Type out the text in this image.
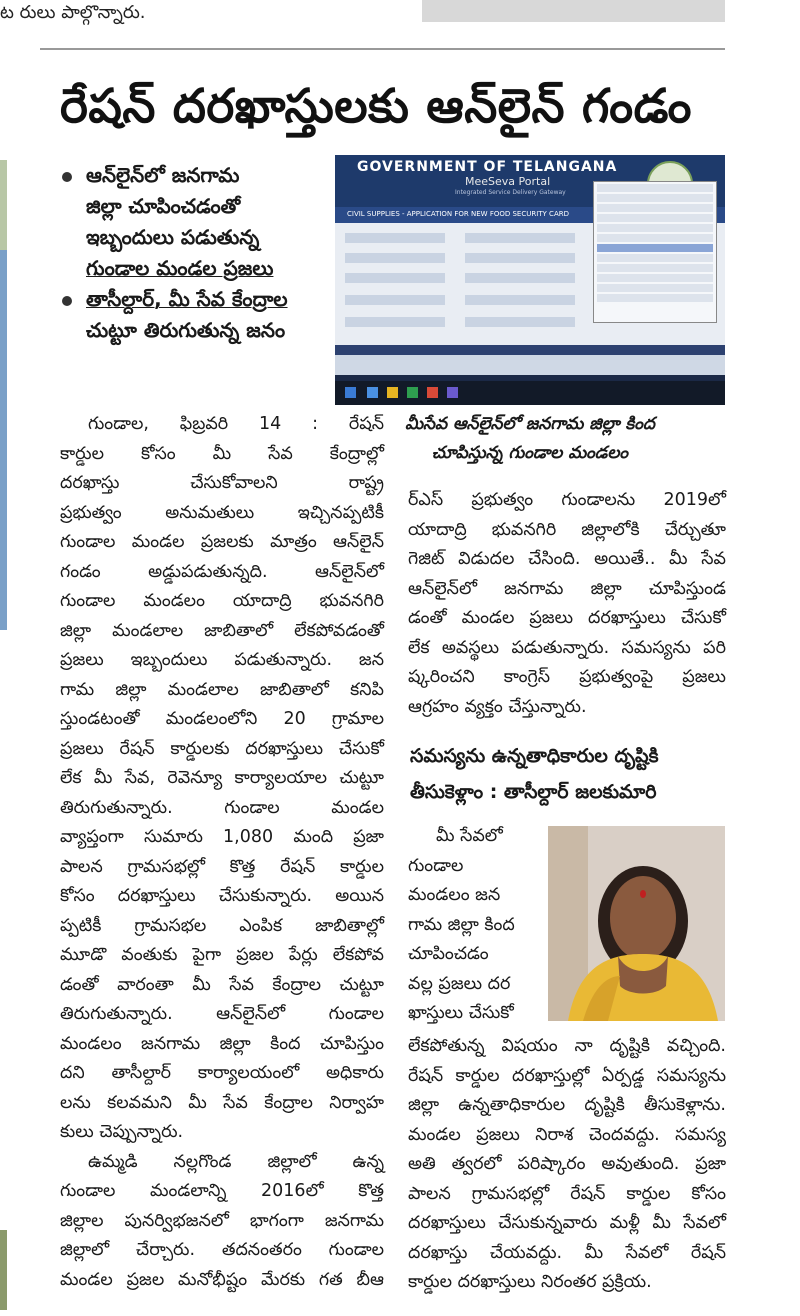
ట రులు పాల్గొన్నారు.
రేషన్ దరఖాస్తులకు ఆన్‌లైన్ గండం
ఆన్‌లైన్‌లో జనగామ
జిల్లా చూపించడంతో
ఇబ్బందులు పడుతున్న
గుండాల మండల ప్రజలు
తాసీల్దార్, మీ సేవ కేంద్రాల
చుట్టూ తిరుగుతున్న జనం
GOVERNMENT OF TELANGANA
MeeSeva Portal
Integrated Service Delivery Gateway
CIVIL SUPPLIES - APPLICATION FOR NEW FOOD SECURITY CARD
మీసేవ ఆన్‌లైన్‌లో జనగామ జిల్లా కింద
చూపిస్తున్న గుండాల మండలం
గుండాల, ఫిబ్రవరి 14 : రేషన్
కార్డుల కోసం మీ సేవ కేంద్రాల్లో
దరఖాస్తు చేసుకోవాలని రాష్ట్ర
ప్రభుత్వం అనుమతులు ఇచ్చినప్పటికీ
గుండాల మండల ప్రజలకు మాత్రం ఆన్‌లైన్
గండం అడ్డుపడుతున్నది. ఆన్‌లైన్‌లో
గుండాల మండలం యాదాద్రి భువనగిరి
జిల్లా మండలాల జాబితాలో లేకపోవడంతో
ప్రజలు ఇబ్బందులు పడుతున్నారు. జన
గామ జిల్లా మండలాల జాబితాలో కనిపి
స్తుండటంతో మండలంలోని 20 గ్రామాల
ప్రజలు రేషన్ కార్డులకు దరఖాస్తులు చేసుకో
లేక మీ సేవ, రెవెన్యూ కార్యాలయాల చుట్టూ
తిరుగుతున్నారు. గుండాల మండల
వ్యాప్తంగా సుమారు 1,080 మంది ప్రజా
పాలన గ్రామసభల్లో కొత్త రేషన్ కార్డుల
కోసం దరఖాస్తులు చేసుకున్నారు. అయిన
ప్పటికీ గ్రామసభల ఎంపిక జాబితాల్లో
మూడొ వంతుకు పైగా ప్రజల పేర్లు లేకపోవ
డంతో వారంతా మీ సేవ కేంద్రాల చుట్టూ
తిరుగుతున్నారు. ఆన్‌లైన్‌లో గుండాల
మండలం జనగామ జిల్లా కింద చూపిస్తుం
దని తాసీల్దార్ కార్యాలయంలో అధికారు
లను కలవమని మీ సేవ కేంద్రాల నిర్వాహ
కులు చెప్పున్నారు.
ఉమ్మడి నల్లగొండ జిల్లాలో ఉన్న
గుండాల మండలాన్ని 2016లో కొత్త
జిల్లాల పునర్విభజనలో భాగంగా జనగామ
జిల్లాలో చేర్చారు. తదనంతరం గుండాల
మండల ప్రజల మనోభీష్టం మేరకు గత బీఆ
ర్ఎస్ ప్రభుత్వం గుండాలను 2019లో
యాదాద్రి భువనగిరి జిల్లాలోకి చేర్చుతూ
గెజిట్ విడుదల చేసింది. అయితే.. మీ సేవ
ఆన్‌లైన్‌లో జనగామ జిల్లా చూపిస్తుండ
డంతో మండల ప్రజలు దరఖాస్తులు చేసుకో
లేక అవస్థలు పడుతున్నారు. సమస్యను పరి
ష్కరించని కాంగ్రెస్ ప్రభుత్వంపై ప్రజలు
ఆగ్రహం వ్యక్తం చేస్తున్నారు.
సమస్యను ఉన్నతాధికారుల దృష్టికి
తీసుకెళ్లాం : తాసీల్దార్ జలకుమారి
మీ సేవలో
గుండాల
మండలం జన
గామ జిల్లా కింద
చూపించడం
వల్ల ప్రజలు దర
ఖాస్తులు చేసుకో
లేకపోతున్న విషయం నా దృష్టికి వచ్చింది.
రేషన్ కార్డుల దరఖాస్తుల్లో ఏర్పడ్డ సమస్యను
జిల్లా ఉన్నతాధికారుల దృష్టికి తీసుకెళ్లాను.
మండల ప్రజలు నిరాశ చెందవద్దు. సమస్య
అతి త్వరలో పరిష్కారం అవుతుంది. ప్రజా
పాలన గ్రామసభల్లో రేషన్ కార్డుల కోసం
దరఖాస్తులు చేసుకున్నవారు మళ్లీ మీ సేవలో
దరఖాస్తు చేయవద్దు. మీ సేవలో రేషన్
కార్డుల దరఖాస్తులు నిరంతర ప్రక్రియ.
